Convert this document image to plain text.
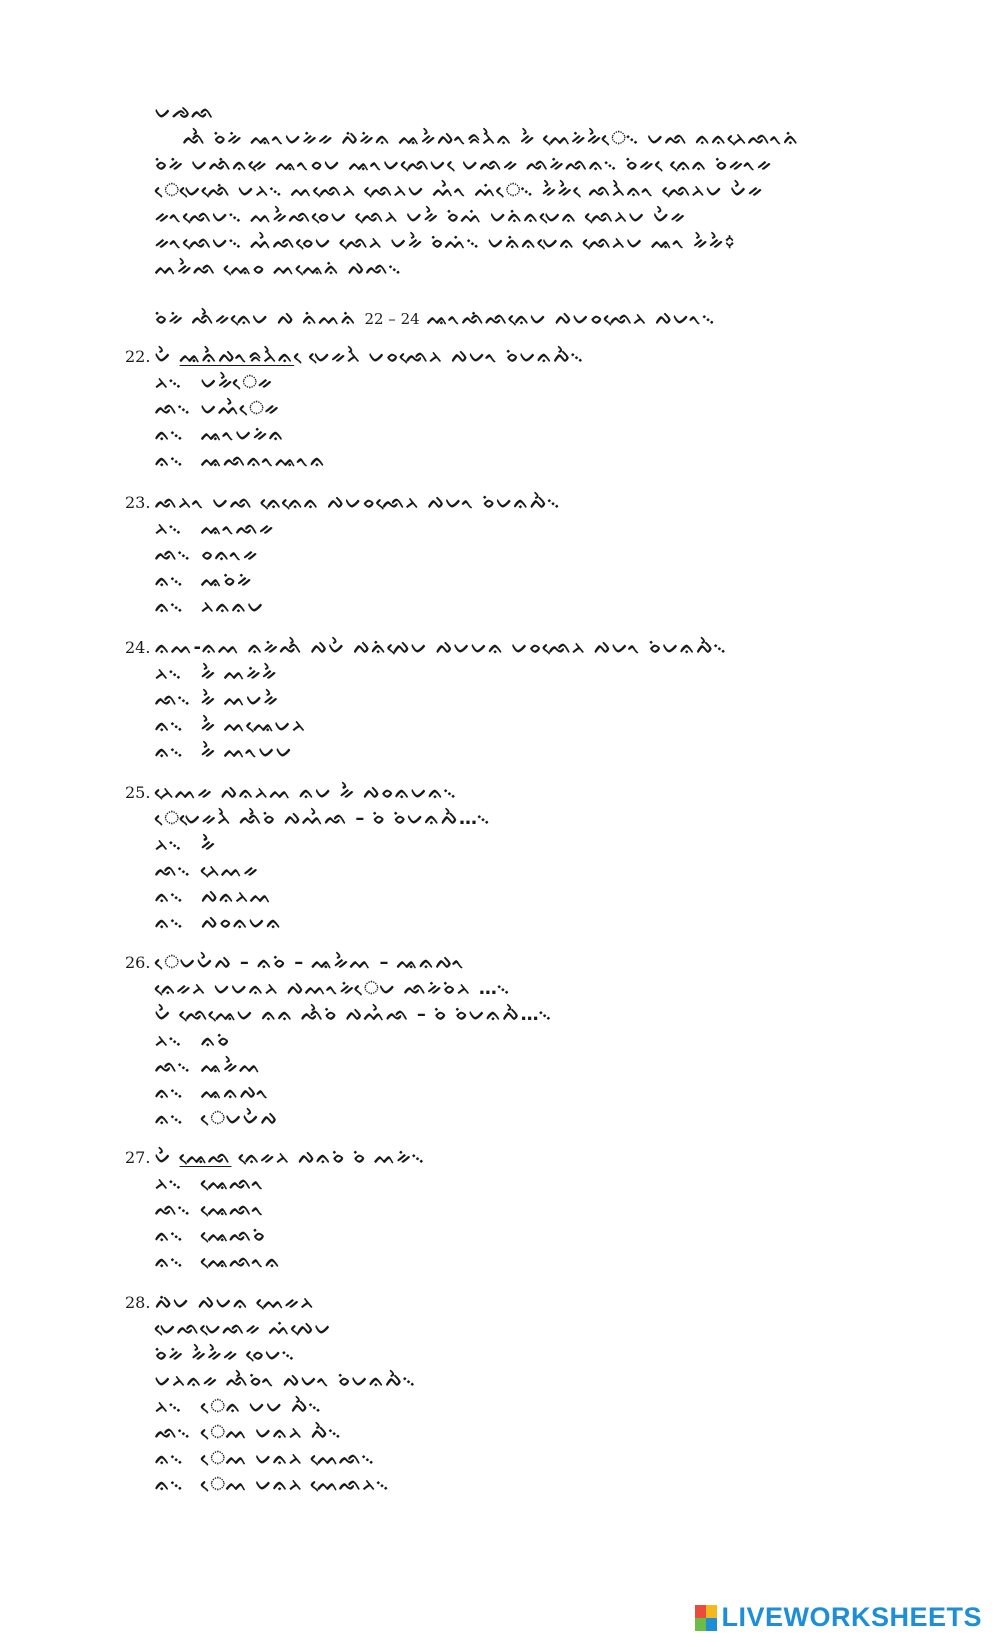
ᨆᨌᨒ
ᨒᨛ ᨔᨗᨀᨗ ᨕᨚᨆᨀᨗᨀ ᨄᨗᨀᨗᨊ ᨕᨀᨛᨄᨚᨑᨂᨛᨊ ᨀᨛ ᨓᨙᨀᨗᨀᨛᨙ᨞ ᨆᨒ ᨊᨊᨂᨙᨒᨚᨊᨗ
ᨔᨗᨀᨗ ᨆᨒᨗᨊᨀᨙ ᨕᨚᨔᨆ ᨕᨚᨆᨒᨙᨆ ᨙᨆᨒᨀ ᨒᨀᨗᨒᨊ᨞ ᨔᨗᨀ ᨙᨊᨙᨊ ᨔᨗᨀᨚᨀ
ᨙᨆᨙᨒᨙᨗ ᨆᨂ᨞ ᨓᨒᨙᨂ ᨒᨙᨂᨆ ᨓᨛᨚ ᨓᨗᨙ᨞ ᨀᨛᨀᨛ ᨙᨒᨂᨛᨊᨚ ᨒᨙᨂᨆ ᨆᨛᨀ
ᨀᨚᨒᨙᨆ᨞ ᨓᨀᨛᨒᨔᨙᨆ ᨒᨙᨂ ᨆᨀᨛ ᨔᨗᨓᨗ ᨆᨊᨗᨊᨆᨙᨊ ᨒᨙᨂᨆ ᨆᨛᨀ
ᨀᨚᨒᨙᨆ᨞ ᨓᨛᨒᨔᨙᨆ ᨒᨙᨂ ᨆᨀᨛ ᨔᨗᨓᨗ᨞ ᨆᨊᨗᨊᨆᨙᨊ ᨒᨙᨂᨆ ᨕᨚ ᨀᨛᨀᨛ᨟
ᨓᨀᨛᨒ ᨕᨙᨔ ᨓᨕᨙᨊᨗ ᨄᨒ᨞
ᨔᨗᨀᨗ ᨒᨛᨀᨊᨙᨆ ᨄ ᨊᨗᨓᨊᨗ 22 – 24 ᨕᨚᨒᨗᨒᨊᨙᨆ ᨄᨆᨔᨒᨙᨂ ᨄᨆᨚ᨞
22. ᨆᨛ ᨕᨊᨛᨄᨚᨑᨂᨛᨊ ᨙᨆᨙᨀᨂᨛ ᨆᨔᨒᨙᨂ ᨄᨆᨚ ᨔᨗᨆᨊᨄᨛ᨞
ᨂ᨞ ᨆᨀᨛᨙᨀ
ᨒ᨞ ᨆᨓᨛᨙᨀ
ᨊ᨞ ᨕᨚᨆᨀᨗᨊ
ᨊ᨞ ᨕᨒᨊᨚᨕᨚᨊ
23. ᨒᨂᨚ ᨆᨒ ᨊᨙᨊᨙᨊ ᨄᨆᨔᨒᨙᨂ ᨄᨆᨚ ᨔᨗᨆᨊᨄᨛ᨞
ᨂ᨞ ᨕᨚᨒᨀ
ᨒ᨞ ᨔᨊᨚᨀ
ᨊ᨞ ᨕᨔᨗᨀᨗ
ᨊ᨞ ᨂᨊᨊᨆ
24. ᨊᨓ-ᨊᨓ ᨊᨀᨗᨒᨛ ᨄᨆᨛ ᨄᨊᨗᨄᨙᨆ ᨄᨆᨆᨊ ᨆᨔᨒᨙᨂ ᨄᨆᨚ ᨔᨗᨆᨊᨄᨛ᨞
ᨂ᨞ ᨀᨛ ᨓᨀᨗᨀᨛ
ᨒ᨞ ᨀᨛ ᨓᨆᨀᨛ
ᨊ᨞ ᨀᨛ ᨓᨕᨙᨆᨂ
ᨊ᨞ ᨀᨛ ᨓᨚᨆᨆ
25. ᨂᨙᨓᨀ ᨄᨊᨂᨓ ᨊᨆ ᨀᨛᨗ ᨄᨔᨊᨆᨊ᨞
ᨙᨆᨙᨀᨂᨛ ᨒᨛᨔᨗ ᨄᨓᨛᨒ – ᨔᨗ ᨔᨗᨆᨊᨄᨛ…᨞
ᨂ᨞ ᨀᨛᨗ
ᨒ᨞ ᨂᨙᨓᨀ
ᨊ᨞ ᨄᨊᨂᨓ
ᨊ᨞ ᨄᨔᨊᨆᨊ
26. ᨙᨆᨆᨛᨄ – ᨊᨔᨗ – ᨕᨀᨛᨓ – ᨕᨊᨄᨚ
ᨊᨙᨀᨂ ᨆᨆᨊᨂ ᨄᨓᨚᨀᨗᨙᨆ ᨒᨀᨗᨔᨗᨂ …᨞
ᨆᨛ ᨒᨙᨕᨙᨆ ᨊᨊ ᨒᨛᨔᨗ ᨄᨓᨛᨒ – ᨔᨗ ᨔᨗᨆᨊᨄᨛ…᨞
ᨂ᨞ ᨊᨔᨗ
ᨒ᨞ ᨕᨀᨛᨓ
ᨊ᨞ ᨕᨊᨄᨚ
ᨊ᨞ ᨙᨆᨆᨛᨄ
27. ᨆᨛ ᨕᨙᨒ ᨊᨙᨀᨂ ᨄᨊᨔᨗ ᨔᨗ ᨓᨀᨗ᨞
ᨂ᨞ ᨕᨙᨒᨚ
ᨒ᨞ ᨕᨙᨒᨚ
ᨊ᨞ ᨕᨙᨒᨔᨗ
ᨊ᨞ ᨕᨙᨒᨚᨊ
28. ᨄᨗᨆ ᨄᨆᨊ ᨓᨙᨀᨂ
ᨆᨙᨒᨆᨙᨒᨀ ᨓᨗᨄᨙᨆ
ᨔᨗᨀᨗ ᨀᨛᨀᨛᨀ ᨔᨙᨆ᨞
ᨆᨂᨊᨀ ᨒᨛᨔᨗᨚ ᨄᨆᨚ ᨔᨗᨆᨊᨄᨛ᨞
ᨂ᨞ ᨙᨊ ᨆᨆ ᨄᨛ᨞
ᨒ᨞ ᨙᨓ ᨆᨊᨂ ᨄᨛ᨞
ᨊ᨞ ᨙᨓ ᨆᨊᨂ ᨓᨙᨒ᨞
ᨊ᨞ ᨙᨓ ᨆᨊᨂ ᨓᨙᨒᨂ᨞
LIVEWORKSHEETS
